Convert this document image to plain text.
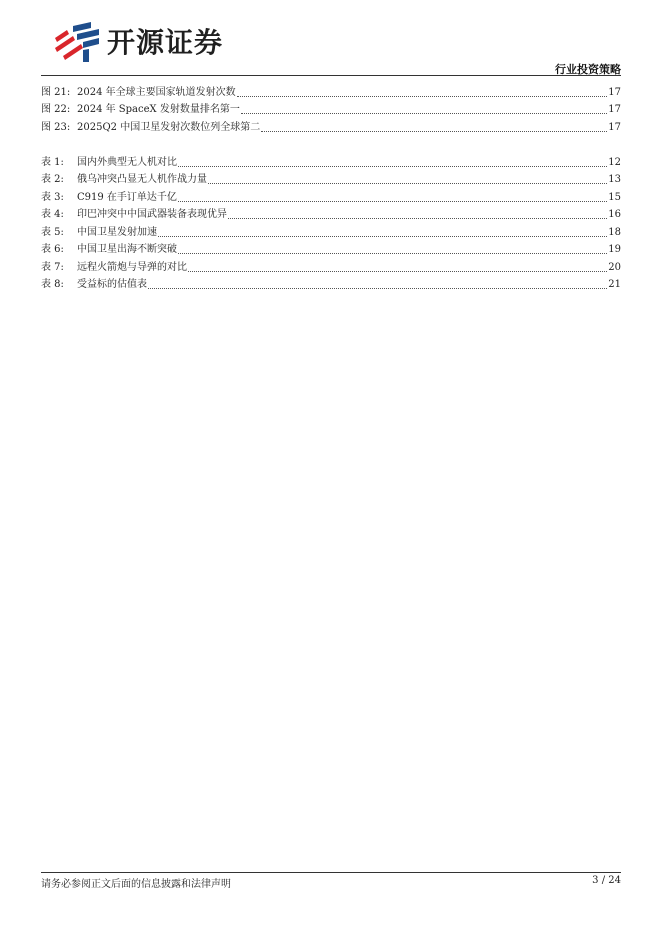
开源证券
行业投资策略
图 21: 2024 年全球主要国家轨道发射次数	17
图 22: 2024 年 SpaceX 发射数量排名第一	17
图 23: 2025Q2 中国卫星发射次数位列全球第二	17
表 1:	国内外典型无人机对比	12
表 2:	俄乌冲突凸显无人机作战力量	13
表 3:	C919 在手订单达千亿	15
表 4:	印巴冲突中中国武器装备表现优异	16
表 5:	中国卫星发射加速	18
表 6:	中国卫星出海不断突破	19
表 7:	远程火箭炮与导弹的对比	20
表 8:	受益标的估值表	21
请务必参阅正文后面的信息披露和法律声明	3 / 24
